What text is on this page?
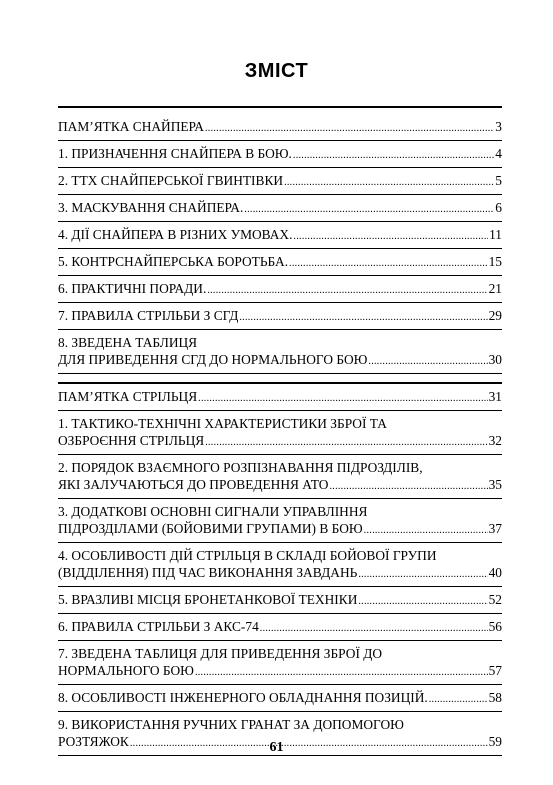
ЗМІСТ
ПАМ’ЯТКА СНАЙПЕРА .....	3
1. ПРИЗНАЧЕННЯ СНАЙПЕРА В БОЮ. .....	4
2. ТТХ СНАЙПЕРСЬКОЇ ГВИНТІВКИ .....	5
3. МАСКУВАННЯ СНАЙПЕРА. .....	6
4. ДІЇ СНАЙПЕРА В РІЗНИХ УМОВАХ. .....	11
5. КОНТРСНАЙПЕРСЬКА БОРОТЬБА. .....	15
6. ПРАКТИЧНІ ПОРАДИ. .....	21
7. ПРАВИЛА СТРІЛЬБИ З СГД .....	29
8. ЗВЕДЕНА ТАБЛИЦЯ
ДЛЯ ПРИВЕДЕННЯ СГД ДО НОРМАЛЬНОГО БОЮ .....	30
ПАМ’ЯТКА СТРІЛЬЦЯ .....	31
1. ТАКТИКО-ТЕХНІЧНІ ХАРАКТЕРИСТИКИ ЗБРОЇ ТА
ОЗБРОЄННЯ СТРІЛЬЦЯ .....	32
2. ПОРЯДОК ВЗАЄМНОГО РОЗПІЗНАВАННЯ ПІДРОЗДІЛІВ,
ЯКІ ЗАЛУЧАЮТЬСЯ ДО ПРОВЕДЕННЯ АТО .....	35
3. ДОДАТКОВІ ОСНОВНІ СИГНАЛИ УПРАВЛІННЯ
ПІДРОЗДІЛАМИ (БОЙОВИМИ ГРУПАМИ) В БОЮ .....	37
4. ОСОБЛИВОСТІ ДІЙ СТРІЛЬЦЯ В СКЛАДІ БОЙОВОЇ ГРУПИ
(ВІДДІЛЕННЯ) ПІД ЧАС ВИКОНАННЯ ЗАВДАНЬ .....	40
5. ВРАЗЛИВІ МІСЦЯ БРОНЕТАНКОВОЇ ТЕХНІКИ .....	52
6. ПРАВИЛА СТРІЛЬБИ З АКС-74 .....	56
7. ЗВЕДЕНА ТАБЛИЦЯ ДЛЯ ПРИВЕДЕННЯ ЗБРОЇ ДО
НОРМАЛЬНОГО БОЮ .....	57
8. ОСОБЛИВОСТІ ІНЖЕНЕРНОГО ОБЛАДНАННЯ ПОЗИЦІЙ. .....	58
9. ВИКОРИСТАННЯ РУЧНИХ ГРАНАТ ЗА ДОПОМОГОЮ
РОЗТЯЖОК .....	59
61
